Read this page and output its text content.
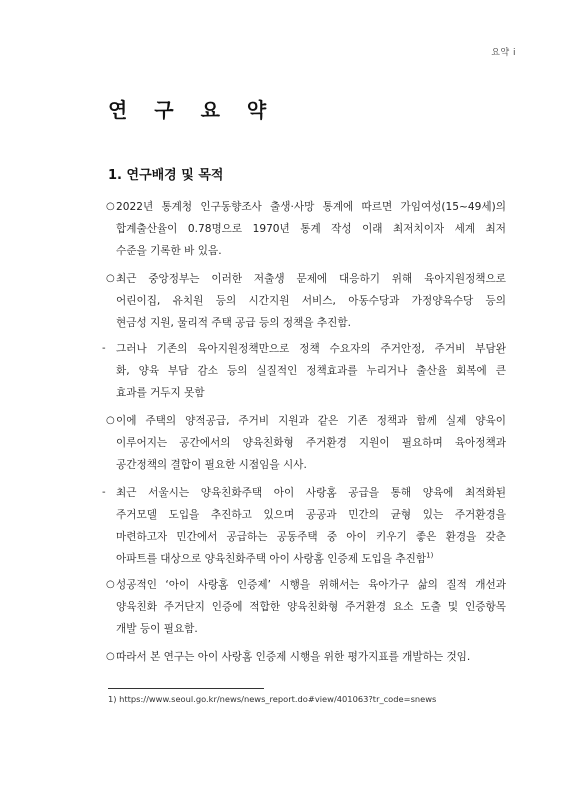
요약 i
연 구 요 약
1. 연구배경 및 목적
○ 2022년 통계청 인구동향조사 출생·사망 통계에 따르면 가임여성(15~49세)의
합계출산율이 0.78명으로 1970년 통계 작성 이래 최저치이자 세계 최저
수준을 기록한 바 있음.
○ 최근 중앙정부는 이러한 저출생 문제에 대응하기 위해 육아지원정책으로
어린이집, 유치원 등의 시간지원 서비스, 아동수당과 가정양육수당 등의
현금성 지원, 물리적 주택 공급 등의 정책을 추진함.
- 그러나 기존의 육아지원정책만으로 정책 수요자의 주거안정, 주거비 부담완
화, 양육 부담 감소 등의 실질적인 정책효과를 누리거나 출산율 회복에 큰
효과를 거두지 못함
○ 이에 주택의 양적공급, 주거비 지원과 같은 기존 정책과 함께 실제 양육이
이루어지는 공간에서의 양육친화형 주거환경 지원이 필요하며 육아정책과
공간정책의 결합이 필요한 시점임을 시사.
- 최근 서울시는 양육친화주택 아이 사랑홈 공급을 통해 양육에 최적화된
주거모델 도입을 추진하고 있으며 공공과 민간의 균형 있는 주거환경을
마련하고자 민간에서 공급하는 공동주택 중 아이 키우기 좋은 환경을 갖춘
아파트를 대상으로 양육친화주택 아이 사랑홈 인증제 도입을 추진함$^{1)}$
○ 성공적인 ‘아이 사랑홈 인증제’ 시행을 위해서는 육아가구 삶의 질적 개선과
양육친화 주거단지 인증에 적합한 양육친화형 주거환경 요소 도출 및 인증항목
개발 등이 필요함.
○ 따라서 본 연구는 아이 사랑홈 인증제 시행을 위한 평가지표를 개발하는 것임.
1) https://www.seoul.go.kr/news/news_report.do#view/401063?tr_code=snews
